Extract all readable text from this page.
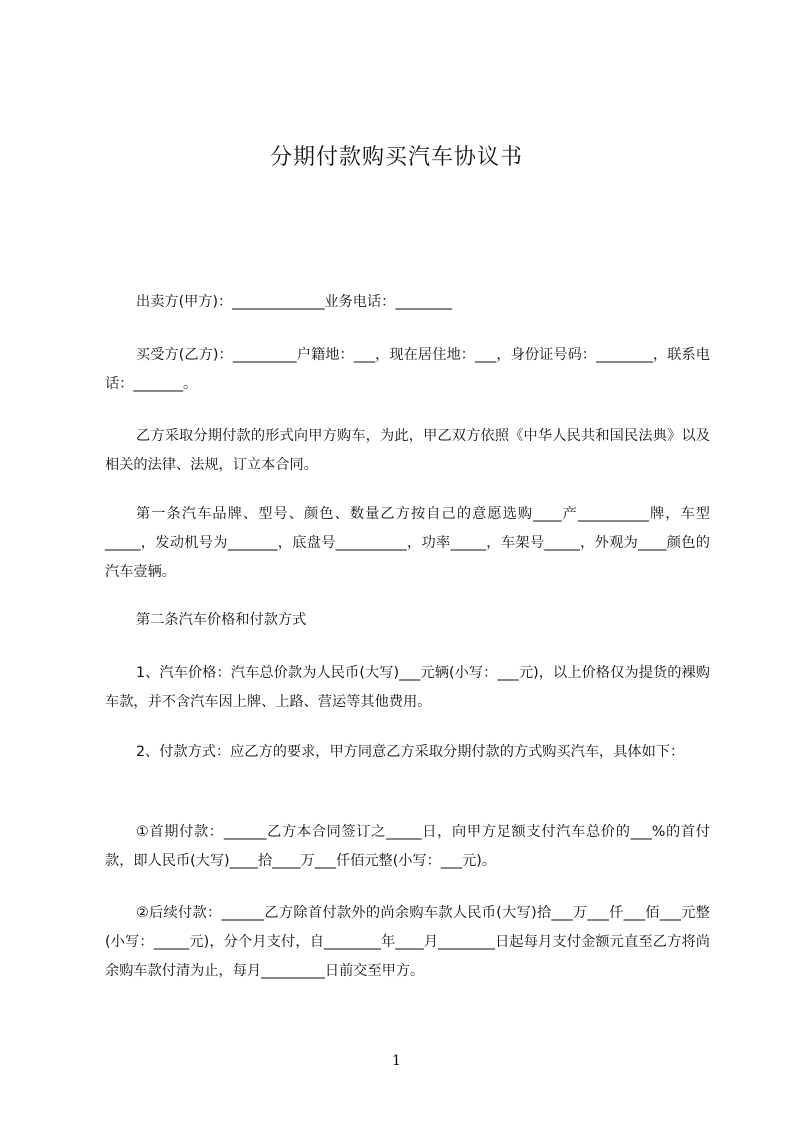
分期付款购买汽车协议书
出卖方(甲方)：_____________业务电话：________
买受方(乙方)：_________户籍地：___，现在居住地：___，身份证号码：________，联系电话：_______。
乙方采取分期付款的形式向甲方购车，为此，甲乙双方依照《中华人民共和国民法典》以及相关的法律、法规，订立本合同。
第一条汽车品牌、型号、颜色、数量乙方按自己的意愿选购____产__________牌，车型_____，发动机号为_______，底盘号__________，功率_____，车架号_____，外观为____颜色的汽车壹辆。
第二条汽车价格和付款方式
1、汽车价格：汽车总价款为人民币(大写)___元辆(小写：___元)，以上价格仅为提货的裸购车款，并不含汽车因上牌、上路、营运等其他费用。
2、付款方式：应乙方的要求，甲方同意乙方采取分期付款的方式购买汽车，具体如下：
①首期付款：______乙方本合同签订之_____日，向甲方足额支付汽车总价的___%的首付款，即人民币(大写)____拾____万___仟佰元整(小写：___元)。
②后续付款：______乙方除首付款外的尚余购车款人民币(大写)拾___万___仟___佰___元整(小写：_____元)，分个月支付，自________年____月________日起每月支付金额元直至乙方将尚余购车款付清为止，每月_________日前交至甲方。
1
